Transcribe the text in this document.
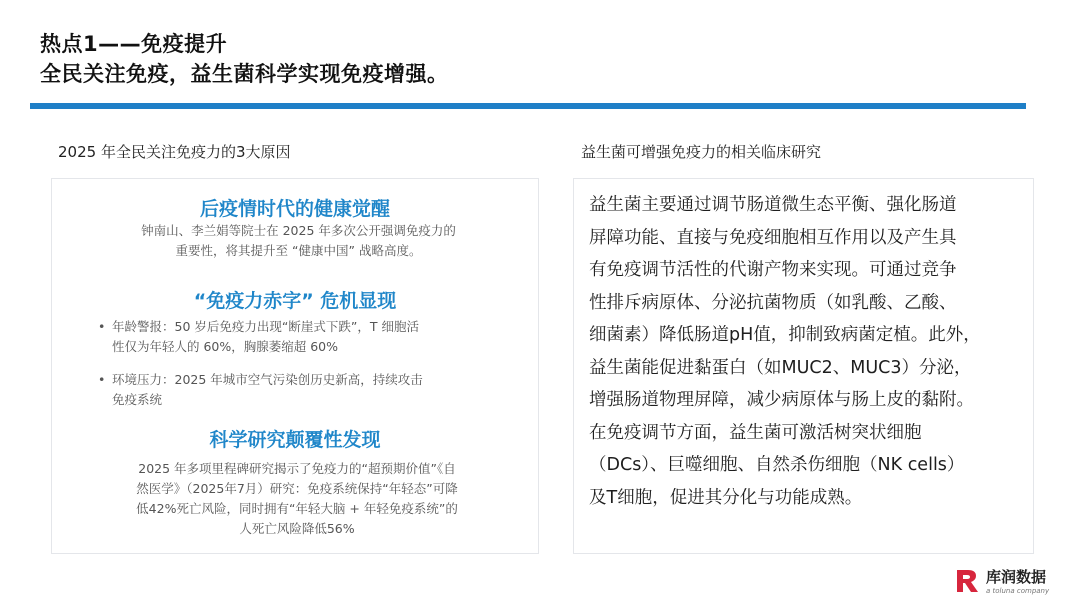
热点1——免疫提升
全民关注免疫，益生菌科学实现免疫增强。
2025 年全民关注免疫力的3大原因	益生菌可增强免疫力的相关临床研究
后疫情时代的健康觉醒
钟南山、李兰娟等院士在 2025 年多次公开强调免疫力的
重要性，将其提升至 “健康中国” 战略高度。
“免疫力赤字” 危机显现
• 年龄警报：50 岁后免疫力出现“断崖式下跌”，T 细胞活
性仅为年轻人的 60%，胸腺萎缩超 60%
• 环境压力：2025 年城市空气污染创历史新高，持续攻击
免疫系统
科学研究颠覆性发现
2025 年多项里程碑研究揭示了免疫力的“超预期价值”《自
然医学》（2025年7月）研究：免疫系统保持“年轻态”可降
低42%死亡风险，同时拥有“年轻大脑 + 年轻免疫系统”的
人死亡风险降低56%
益生菌主要通过调节肠道微生态平衡、强化肠道
屏障功能、直接与免疫细胞相互作用以及产生具
有免疫调节活性的代谢产物来实现。可通过竞争
性排斥病原体、分泌抗菌物质（如乳酸、乙酸、
细菌素）降低肠道pH值，抑制致病菌定植。此外，
益生菌能促进黏蛋白（如MUC2、MUC3）分泌，
增强肠道物理屏障，减少病原体与肠上皮的黏附。
在免疫调节方面，益生菌可激活树突状细胞
（DCs）、巨噬细胞、自然杀伤细胞（NK cells）
及T细胞，促进其分化与功能成熟。
库润数据
a toluna company
